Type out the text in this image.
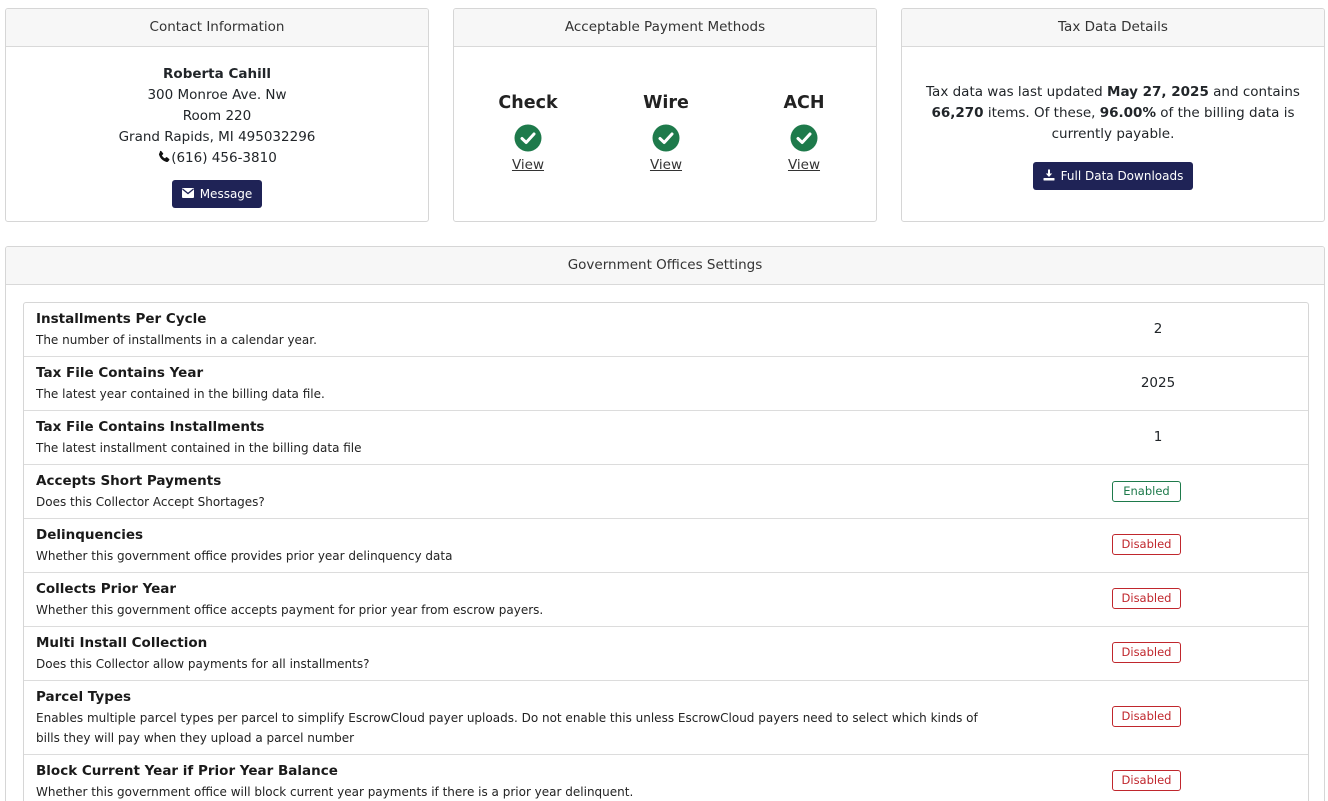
Contact Information
Roberta Cahill
300 Monroe Ave. Nw
Room 220
Grand Rapids, MI 495032296
(616) 456-3810
Message
Acceptable Payment Methods
Check
View
Wire
View
ACH
View
Tax Data Details
Tax data was last updated May 27, 2025 and contains 66,270 items. Of these, 96.00% of the billing data is currently payable.
Full Data Downloads
Government Offices Settings
Installments Per Cycle
The number of installments in a calendar year.
2
Tax File Contains Year
The latest year contained in the billing data file.
2025
Tax File Contains Installments
The latest installment contained in the billing data file
1
Accepts Short Payments
Does this Collector Accept Shortages?
Enabled
Delinquencies
Whether this government office provides prior year delinquency data
Disabled
Collects Prior Year
Whether this government office accepts payment for prior year from escrow payers.
Disabled
Multi Install Collection
Does this Collector allow payments for all installments?
Disabled
Parcel Types
Enables multiple parcel types per parcel to simplify EscrowCloud payer uploads. Do not enable this unless EscrowCloud payers need to select which kinds of bills they will pay when they upload a parcel number
Disabled
Block Current Year if Prior Year Balance
Whether this government office will block current year payments if there is a prior year delinquent.
Disabled
